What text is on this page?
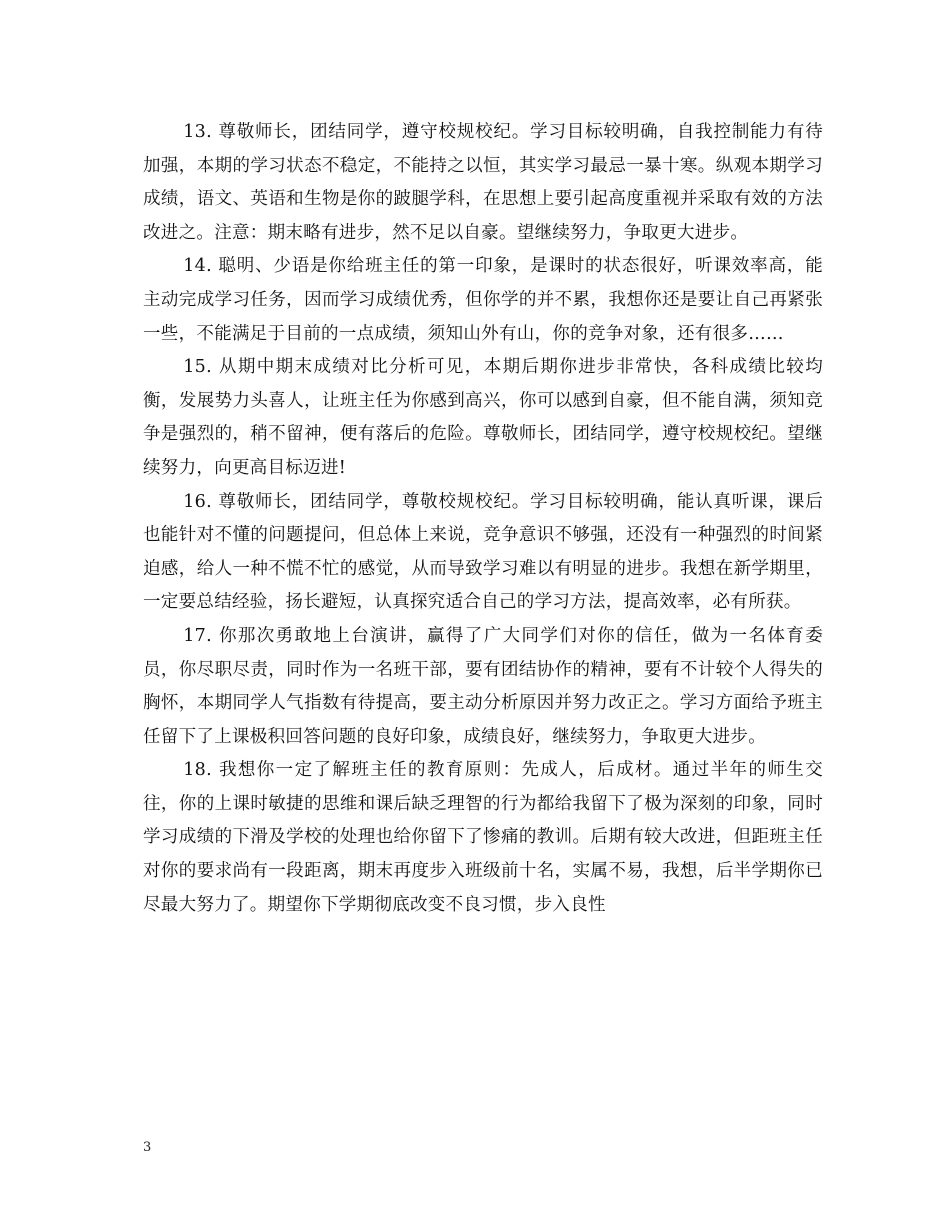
13. 尊敬师长，团结同学，遵守校规校纪。学习目标较明确，自我控制能力有待加强，本期的学习状态不稳定，不能持之以恒，其实学习最忌一暴十寒。纵观本期学习成绩，语文、英语和生物是你的跛腿学科，在思想上要引起高度重视并采取有效的方法改进之。注意：期末略有进步，然不足以自豪。望继续努力，争取更大进步。

14. 聪明、少语是你给班主任的第一印象，是课时的状态很好，听课效率高，能主动完成学习任务，因而学习成绩优秀，但你学的并不累，我想你还是要让自己再紧张一些，不能满足于目前的一点成绩，须知山外有山，你的竞争对象，还有很多……

15. 从期中期末成绩对比分析可见，本期后期你进步非常快，各科成绩比较均衡，发展势力头喜人，让班主任为你感到高兴，你可以感到自豪，但不能自满，须知竞争是强烈的，稍不留神，便有落后的危险。尊敬师长，团结同学，遵守校规校纪。望继续努力，向更高目标迈进!

16. 尊敬师长，团结同学，尊敬校规校纪。学习目标较明确，能认真听课，课后也能针对不懂的问题提问，但总体上来说，竞争意识不够强，还没有一种强烈的时间紧迫感，给人一种不慌不忙的感觉，从而导致学习难以有明显的进步。我想在新学期里，一定要总结经验，扬长避短，认真探究适合自己的学习方法，提高效率，必有所获。

17. 你那次勇敢地上台演讲，赢得了广大同学们对你的信任，做为一名体育委员，你尽职尽责，同时作为一名班干部，要有团结协作的精神，要有不计较个人得失的胸怀，本期同学人气指数有待提高，要主动分析原因并努力改正之。学习方面给予班主任留下了上课极积回答问题的良好印象，成绩良好，继续努力，争取更大进步。

18. 我想你一定了解班主任的教育原则：先成人，后成材。通过半年的师生交往，你的上课时敏捷的思维和课后缺乏理智的行为都给我留下了极为深刻的印象，同时学习成绩的下滑及学校的处理也给你留下了惨痛的教训。后期有较大改进，但距班主任对你的要求尚有一段距离，期末再度步入班级前十名，实属不易，我想，后半学期你已尽最大努力了。期望你下学期彻底改变不良习惯，步入良性

3
